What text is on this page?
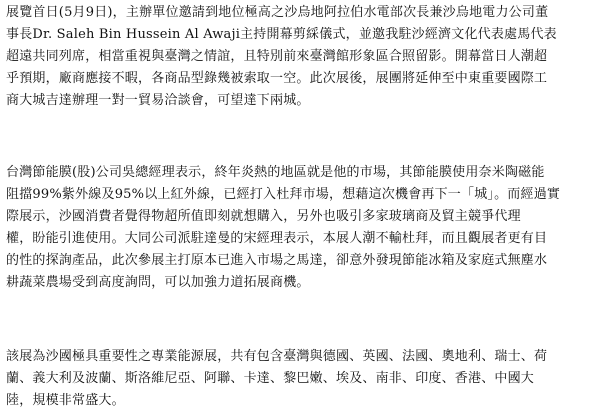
展覽首日(5月9日)，主辦單位邀請到地位極高之沙烏地阿拉伯水電部次長兼沙烏地電力公司董
事長Dr. Saleh Bin Hussein Al Awaji主持開幕剪綵儀式，並邀我駐沙經濟文化代表處馬代表
超遠共同列席，相當重視與臺灣之情誼，且特別前來臺灣館形象區合照留影。開幕當日人潮超
乎預期，廠商應接不暇，各商品型錄幾被索取一空。此次展後，展團將延伸至中東重要國際工
商大城吉達辦理一對一貿易洽談會，可望達下兩城。
台灣節能膜(股)公司吳總經理表示，終年炎熱的地區就是他的市場，其節能膜使用奈米陶磁能
阻擋99%紫外線及95%以上紅外線，已經打入杜拜市場，想藉這次機會再下一「城」。而經過實
際展示，沙國消費者覺得物超所值即刻就想購入，另外也吸引多家玻璃商及貿主競爭代理
權，盼能引進使用。大同公司派駐達曼的宋經理表示，本展人潮不輸杜拜，而且觀展者更有目
的性的探詢產品，此次參展主打原本已進入市場之馬達，卻意外發現節能冰箱及家庭式無塵水
耕蔬菜農場受到高度詢問，可以加強力道拓展商機。
該展為沙國極具重要性之專業能源展，共有包含臺灣與德國、英國、法國、奧地利、瑞士、荷
蘭、義大利及波蘭、斯洛維尼亞、阿聯、卡達、黎巴嫩、埃及、南非、印度、香港、中國大
陸，規模非常盛大。
